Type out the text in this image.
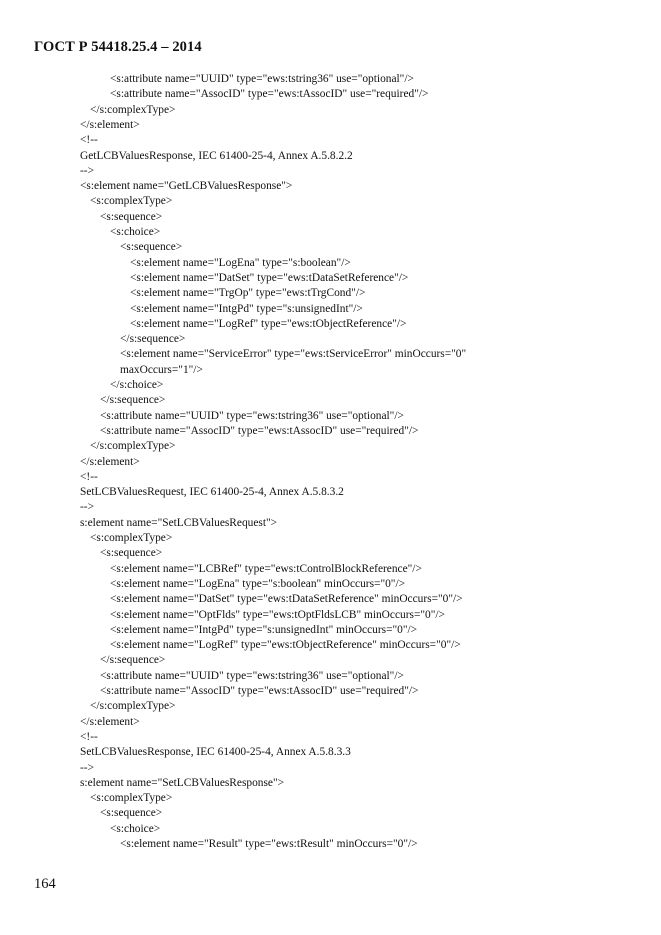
ГОСТ Р 54418.25.4 – 2014
<s:attribute name="UUID" type="ews:tstring36" use="optional"/>
<s:attribute name="AssocID" type="ews:tAssocID" use="required"/>
</s:complexType>
</s:element>
<!--
GetLCBValuesResponse, IEC 61400-25-4, Annex A.5.8.2.2
-->
<s:element name="GetLCBValuesResponse">
<s:complexType>
<s:sequence>
<s:choice>
<s:sequence>
<s:element name="LogEna" type="s:boolean"/>
<s:element name="DatSet" type="ews:tDataSetReference"/>
<s:element name="TrgOp" type="ews:tTrgCond"/>
<s:element name="IntgPd" type="s:unsignedInt"/>
<s:element name="LogRef" type="ews:tObjectReference"/>
</s:sequence>
<s:element name="ServiceError" type="ews:tServiceError" minOccurs="0"
maxOccurs="1"/>
</s:choice>
</s:sequence>
<s:attribute name="UUID" type="ews:tstring36" use="optional"/>
<s:attribute name="AssocID" type="ews:tAssocID" use="required"/>
</s:complexType>
</s:element>
<!--
SetLCBValuesRequest, IEC 61400-25-4, Annex A.5.8.3.2
-->
s:element name="SetLCBValuesRequest">
<s:complexType>
<s:sequence>
<s:element name="LCBRef" type="ews:tControlBlockReference"/>
<s:element name="LogEna" type="s:boolean" minOccurs="0"/>
<s:element name="DatSet" type="ews:tDataSetReference" minOccurs="0"/>
<s:element name="OptFlds" type="ews:tOptFldsLCB" minOccurs="0"/>
<s:element name="IntgPd" type="s:unsignedInt" minOccurs="0"/>
<s:element name="LogRef" type="ews:tObjectReference" minOccurs="0"/>
</s:sequence>
<s:attribute name="UUID" type="ews:tstring36" use="optional"/>
<s:attribute name="AssocID" type="ews:tAssocID" use="required"/>
</s:complexType>
</s:element>
<!--
SetLCBValuesResponse, IEC 61400-25-4, Annex A.5.8.3.3
-->
s:element name="SetLCBValuesResponse">
<s:complexType>
<s:sequence>
<s:choice>
<s:element name="Result" type="ews:tResult" minOccurs="0"/>
164
